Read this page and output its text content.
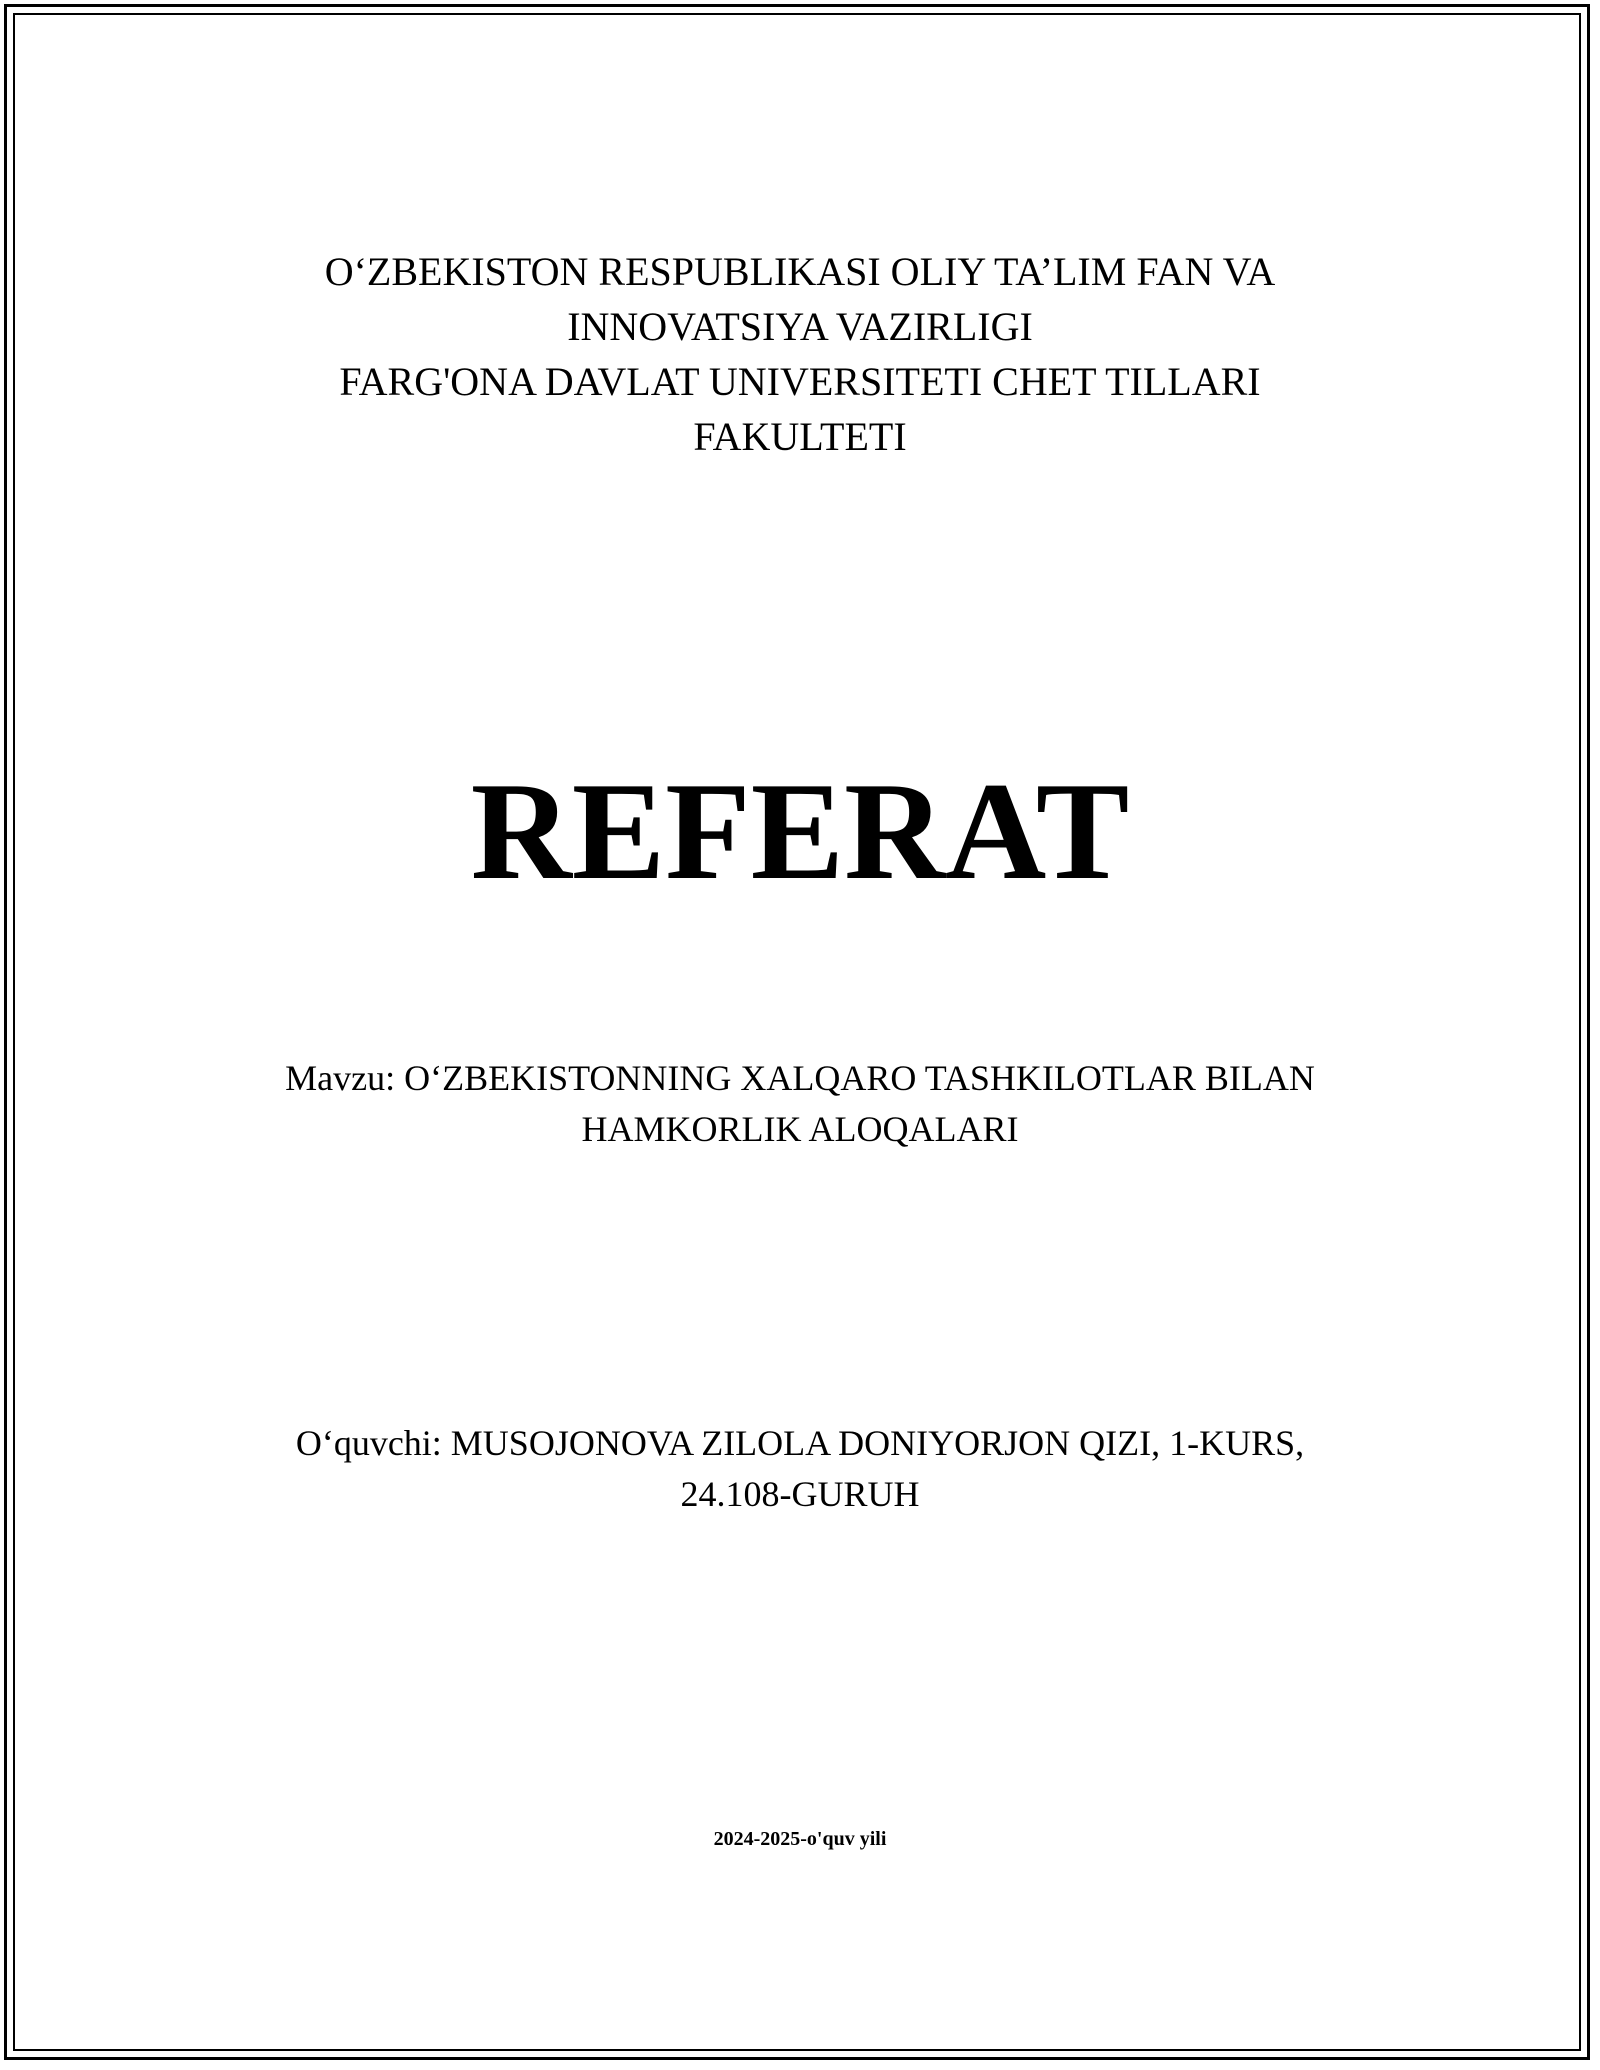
O‘ZBEKISTON RESPUBLIKASI OLIY TA’LIM FAN VA
INNOVATSIYA VAZIRLIGI
FARG'ONA DAVLAT UNIVERSITETI CHET TILLARI
FAKULTETI
REFERAT
Mavzu: O‘ZBEKISTONNING XALQARO TASHKILOTLAR BILAN
HAMKORLIK ALOQALARI
O‘quvchi: MUSOJONOVA ZILOLA DONIYORJON QIZI, 1-KURS,
24.108-GURUH
2024-2025-o'quv yili
